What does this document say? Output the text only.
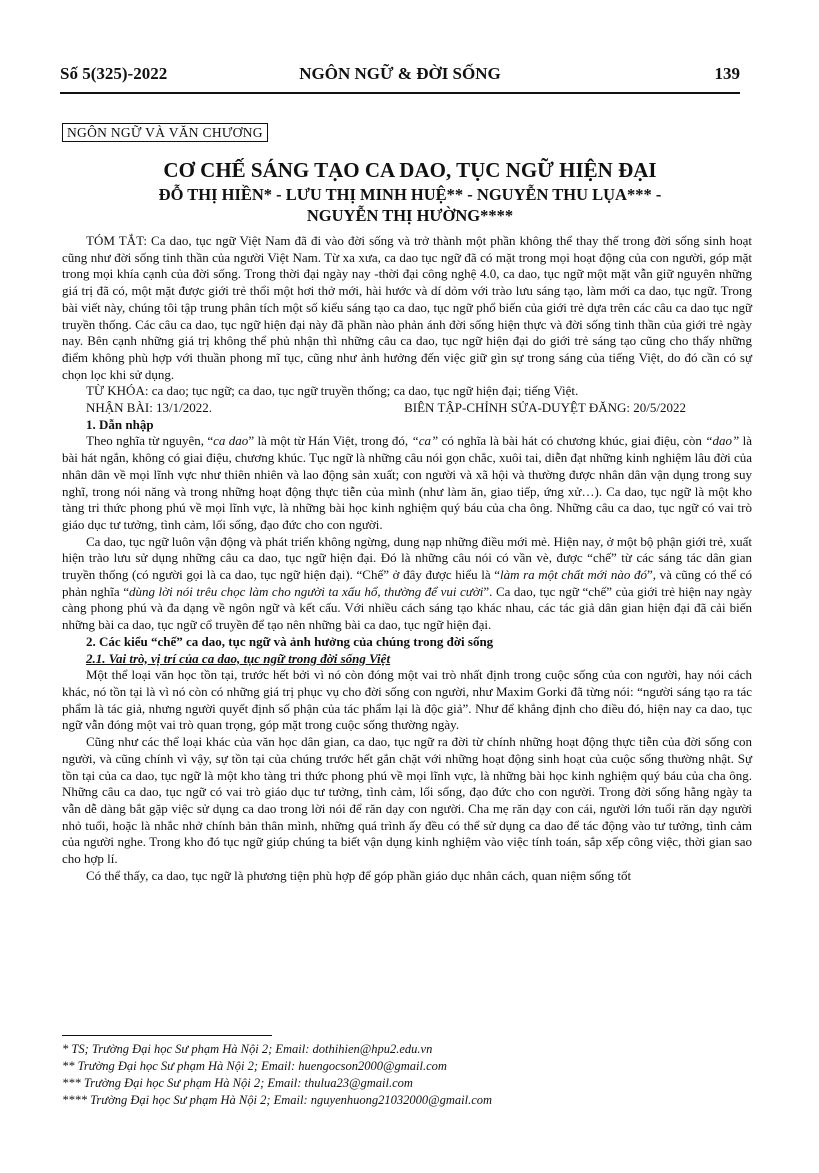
Số 5(325)-2022	NGÔN NGỮ & ĐỜI SỐNG	139
NGÔN NGỮ VÀ VĂN CHƯƠNG
CƠ CHẾ SÁNG TẠO CA DAO, TỤC NGỮ HIỆN ĐẠI
ĐỖ THỊ HIỀN* - LƯU THỊ MINH HUỆ** - NGUYỄN THU LỤA*** -
NGUYỄN THỊ HƯỜNG****

TÓM TẮT: Ca dao, tục ngữ Việt Nam đã đi vào đời sống và trở thành một phần không thể thay thế trong đời sống sinh hoạt cũng như đời sống tinh thần của người Việt Nam. Từ xa xưa, ca dao tục ngữ đã có mặt trong mọi hoạt động của con người, góp mặt trong mọi khía cạnh của đời sống. Trong thời đại ngày nay -thời đại công nghệ 4.0, ca dao, tục ngữ một mặt vẫn giữ nguyên những giá trị đã có, một mặt được giới trẻ thổi một hơi thở mới, hài hước và dí dỏm với trào lưu sáng tạo, làm mới ca dao, tục ngữ. Trong bài viết này, chúng tôi tập trung phân tích một số kiểu sáng tạo ca dao, tục ngữ phổ biến của giới trẻ dựa trên các câu ca dao tục ngữ truyền thống. Các câu ca dao, tục ngữ hiện đại này đã phần nào phản ánh đời sống hiện thực và đời sống tinh thần của giới trẻ ngày nay. Bên cạnh những giá trị không thể phủ nhận thì những câu ca dao, tục ngữ hiện đại do giới trẻ sáng tạo cũng cho thấy những điểm không phù hợp với thuần phong mĩ tục, cũng như ảnh hưởng đến việc giữ gìn sự trong sáng của tiếng Việt, do đó cần có sự chọn lọc khi sử dụng.

TỪ KHÓA: ca dao; tục ngữ; ca dao, tục ngữ truyền thống; ca dao, tục ngữ hiện đại; tiếng Việt.
NHẬN BÀI: 13/1/2022.	BIÊN TẬP-CHỈNH SỬA-DUYỆT ĐĂNG: 20/5/2022
1. Dẫn nhập

Theo nghĩa từ nguyên, “ca dao” là một từ Hán Việt, trong đó, “ca” có nghĩa là bài hát có chương khúc, giai điệu, còn “dao” là bài hát ngắn, không có giai điệu, chương khúc. Tục ngữ là những câu nói gọn chắc, xuôi tai, diễn đạt những kinh nghiệm lâu đời của nhân dân về mọi lĩnh vực như thiên nhiên và lao động sản xuất; con người và xã hội và thường được nhân dân vận dụng trong suy nghĩ, trong nói năng và trong những hoạt động thực tiễn của mình (như làm ăn, giao tiếp, ứng xử…). Ca dao, tục ngữ là một kho tàng tri thức phong phú về mọi lĩnh vực, là những bài học kinh nghiệm quý báu của cha ông. Những câu ca dao, tục ngữ có vai trò giáo dục tư tưởng, tình cảm, lối sống, đạo đức cho con người.

Ca dao, tục ngữ luôn vận động và phát triển không ngừng, dung nạp những điều mới mẻ. Hiện nay, ở một bộ phận giới trẻ, xuất hiện trào lưu sử dụng những câu ca dao, tục ngữ hiện đại. Đó là những câu nói có vần vè, được “chế” từ các sáng tác dân gian truyền thống (có người gọi là ca dao, tục ngữ hiện đại). “Chế” ở đây được hiểu là “làm ra một chất mới nào đó”, và cũng có thể có phản nghĩa “dùng lời nói trêu chọc làm cho người ta xấu hổ, thường để vui cười”. Ca dao, tục ngữ “chế” của giới trẻ hiện nay ngày càng phong phú và đa dạng về ngôn ngữ và kết cấu. Với nhiều cách sáng tạo khác nhau, các tác giả dân gian hiện đại đã cải biến những bài ca dao, tục ngữ cổ truyền để tạo nên những bài ca dao, tục ngữ hiện đại.

2. Các kiểu “chế” ca dao, tục ngữ và ảnh hưởng của chúng trong đời sống
2.1. Vai trò, vị trí của ca dao, tục ngữ trong đời sống Việt

Một thể loại văn học tồn tại, trước hết bởi vì nó còn đóng một vai trò nhất định trong cuộc sống của con người, hay nói cách khác, nó tồn tại là vì nó còn có những giá trị phục vụ cho đời sống con người, như Maxim Gorki đã từng nói: “người sáng tạo ra tác phẩm là tác giả, nhưng người quyết định số phận của tác phẩm lại là độc giả”. Như để khẳng định cho điều đó, hiện nay ca dao, tục ngữ vẫn đóng một vai trò quan trọng, góp mặt trong cuộc sống thường ngày.

Cũng như các thể loại khác của văn học dân gian, ca dao, tục ngữ ra đời từ chính những hoạt động thực tiễn của đời sống con người, và cũng chính vì vậy, sự tồn tại của chúng trước hết gắn chặt với những hoạt động sinh hoạt của cuộc sống thường nhật. Sự tồn tại của ca dao, tục ngữ là một kho tàng tri thức phong phú về mọi lĩnh vực, là những bài học kinh nghiệm quý báu của cha ông. Những câu ca dao, tục ngữ có vai trò giáo dục tư tưởng, tình cảm, lối sống, đạo đức cho con người. Trong đời sống hằng ngày ta vẫn dễ dàng bắt gặp việc sử dụng ca dao trong lời nói để răn dạy con người. Cha mẹ răn dạy con cái, người lớn tuổi răn dạy người nhỏ tuổi, hoặc là nhắc nhở chính bản thân mình, những quá trình ấy đều có thể sử dụng ca dao để tác động vào tư tưởng, tình cảm của người nghe. Trong kho đó tục ngữ giúp chúng ta biết vận dụng kinh nghiệm vào việc tính toán, sắp xếp công việc, thời gian sao cho hợp lí.

Có thể thấy, ca dao, tục ngữ là phương tiện phù hợp để góp phần giáo dục nhân cách, quan niệm sống tốt

* TS; Trường Đại học Sư phạm Hà Nội 2; Email: dothihien@hpu2.edu.vn
** Trường Đại học Sư phạm Hà Nội 2; Email: huengocson2000@gmail.com
*** Trường Đại học Sư phạm Hà Nội 2; Email: thulua23@gmail.com
**** Trường Đại học Sư phạm Hà Nội 2; Email: nguyenhuong21032000@gmail.com
